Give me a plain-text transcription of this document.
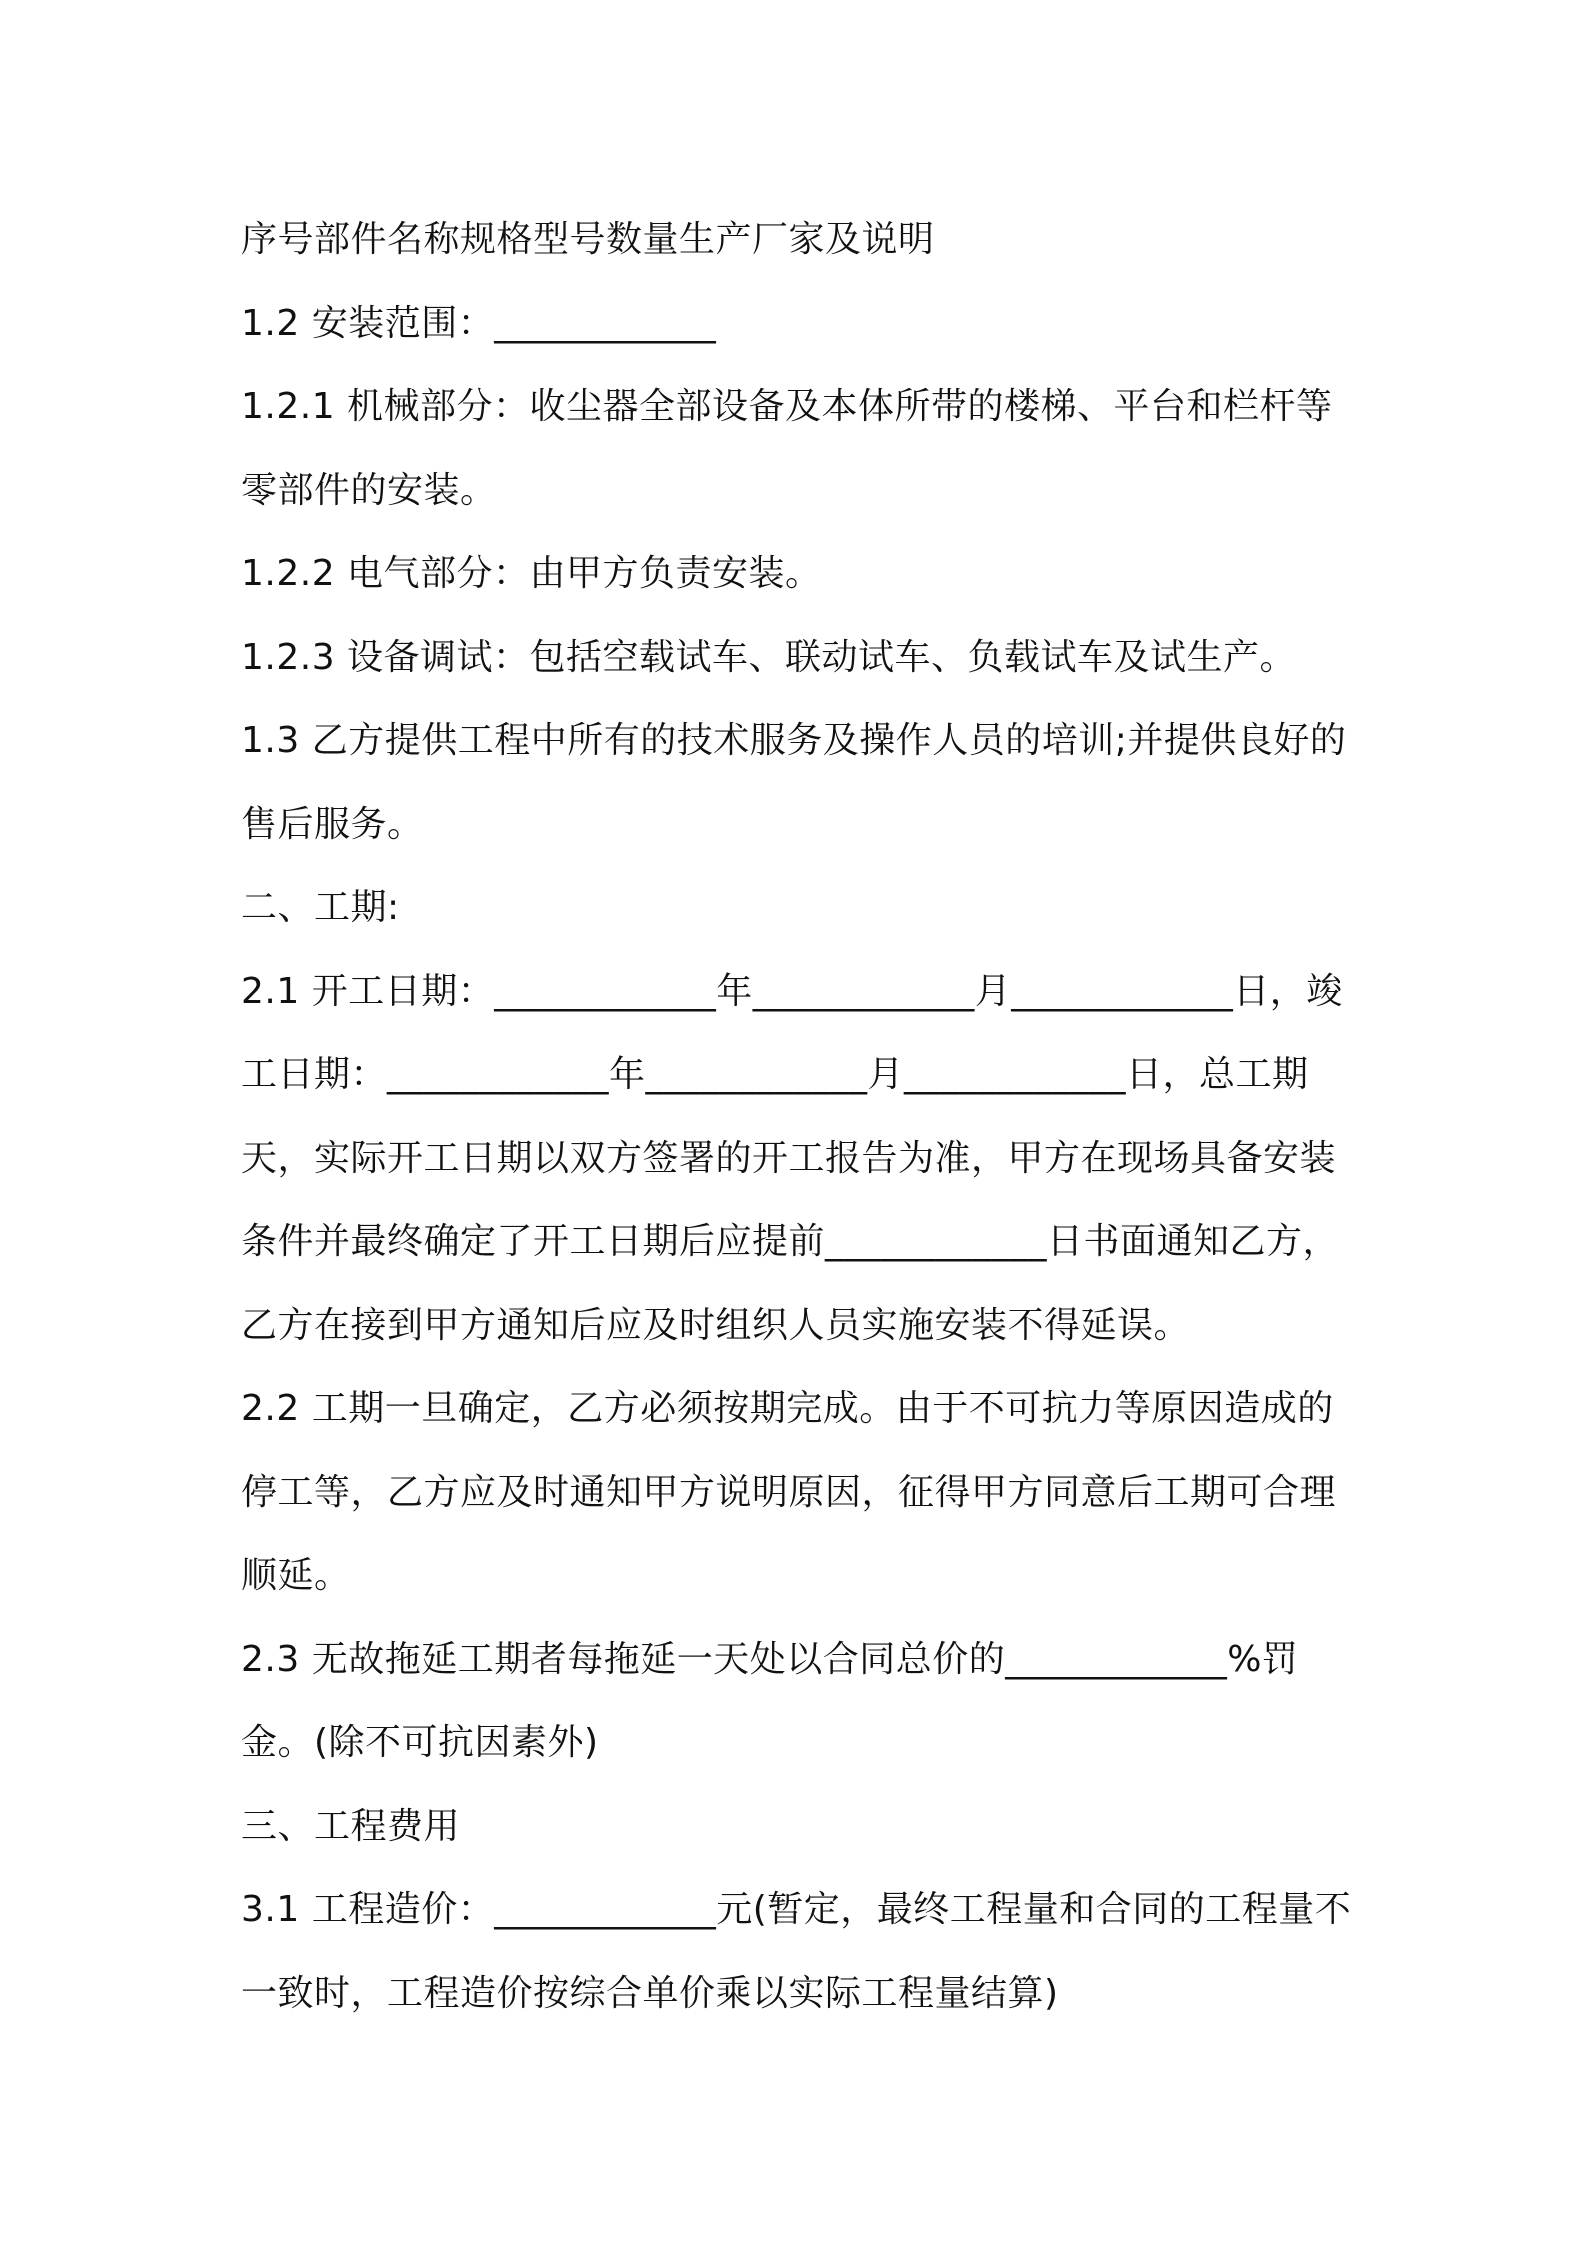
序号部件名称规格型号数量生产厂家及说明

1.2 安装范围：____________

1.2.1 机械部分：收尘器全部设备及本体所带的楼梯、平台和栏杆等零部件的安装。

1.2.2 电气部分：由甲方负责安装。

1.2.3 设备调试：包括空载试车、联动试车、负载试车及试生产。

1.3 乙方提供工程中所有的技术服务及操作人员的培训;并提供良好的售后服务。

二、工期:

2.1 开工日期：____________年____________月____________日，竣工日期：____________年____________月____________日，总工期天，实际开工日期以双方签署的开工报告为准，甲方在现场具备安装条件并最终确定了开工日期后应提前____________日书面通知乙方，乙方在接到甲方通知后应及时组织人员实施安装不得延误。

2.2 工期一旦确定，乙方必须按期完成。由于不可抗力等原因造成的停工等，乙方应及时通知甲方说明原因，征得甲方同意后工期可合理顺延。

2.3 无故拖延工期者每拖延一天处以合同总价的____________%罚金。(除不可抗因素外)

三、工程费用

3.1 工程造价：____________元(暂定，最终工程量和合同的工程量不一致时，工程造价按综合单价乘以实际工程量结算)
